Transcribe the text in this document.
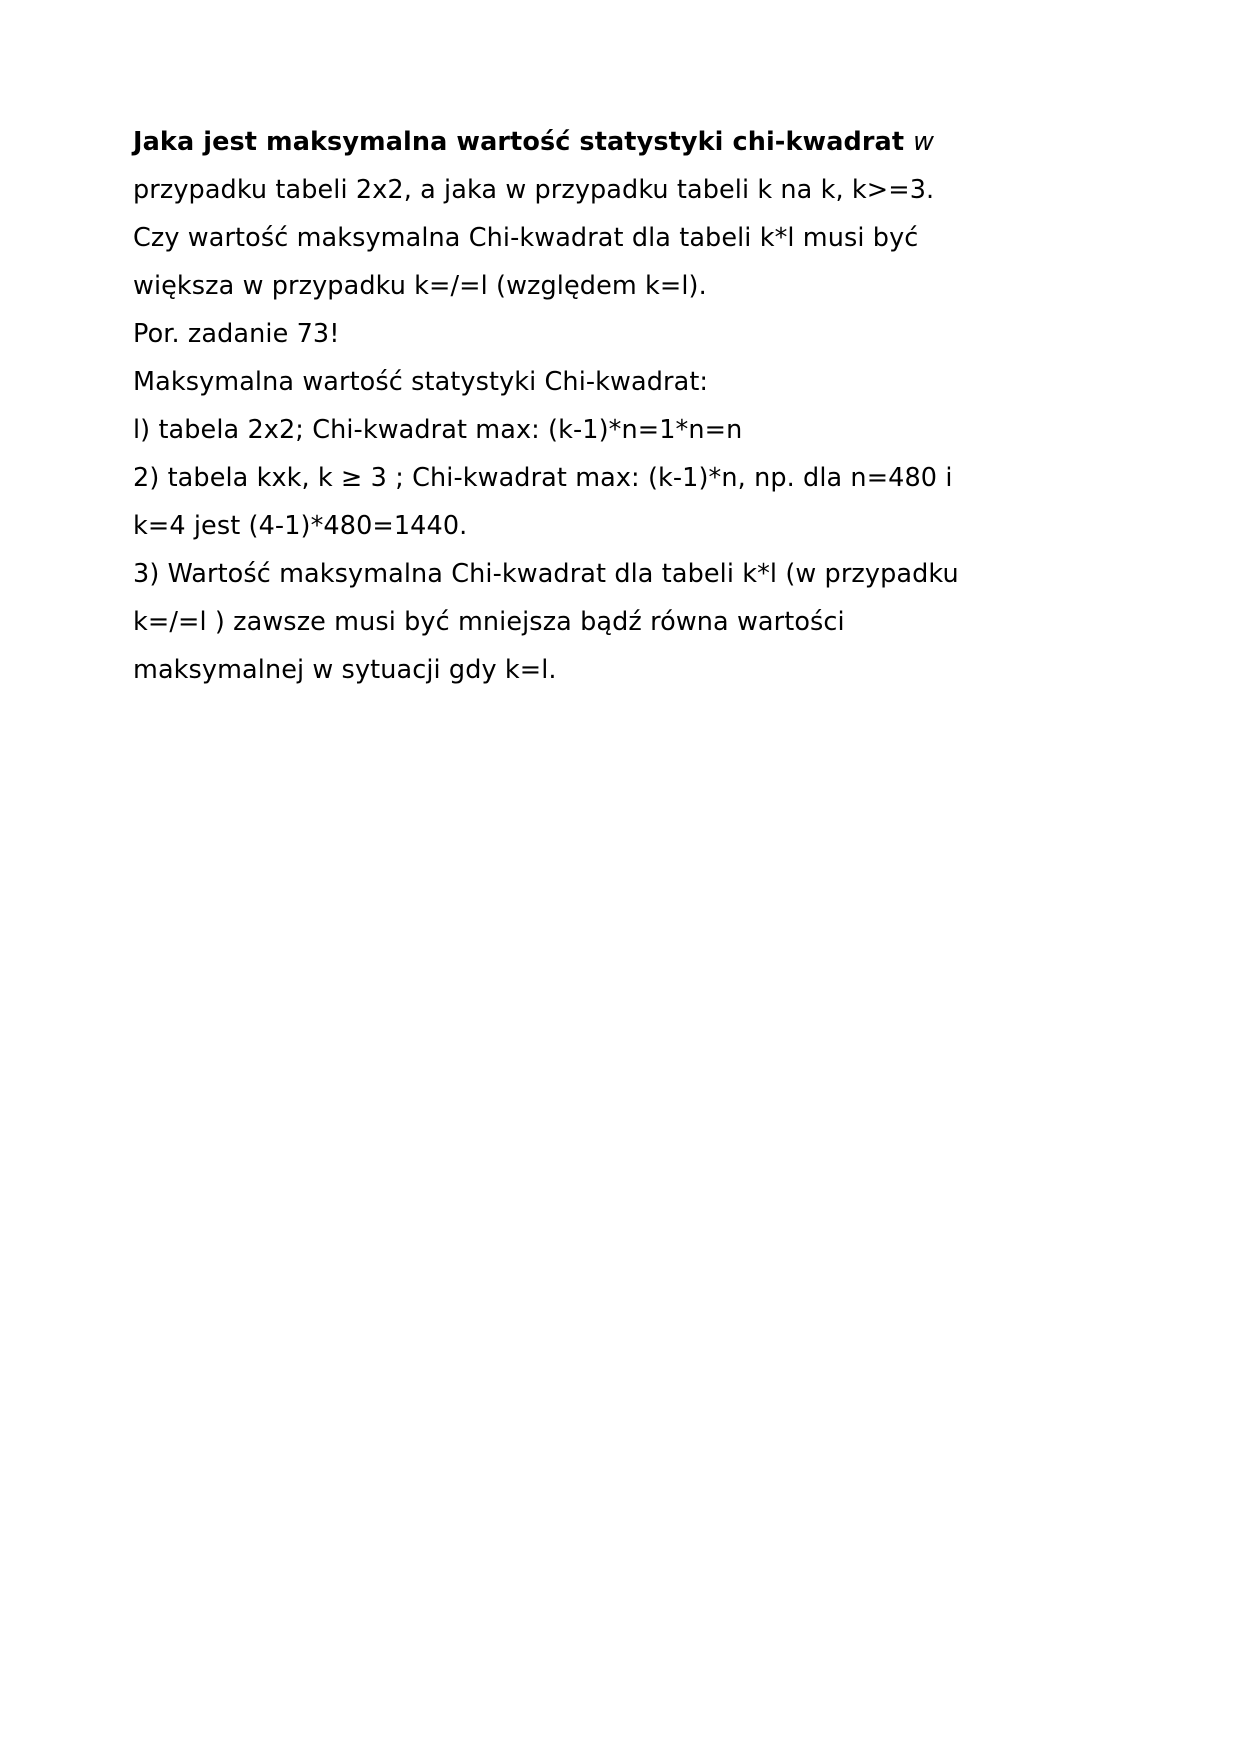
Jaka jest maksymalna wartość statystyki chi-kwadrat w
przypadku tabeli 2x2, a jaka w przypadku tabeli k na k, k>=3.
Czy wartość maksymalna Chi-kwadrat dla tabeli k*l musi być
większa w przypadku k=/=l (względem k=l).
Por. zadanie 73!
Maksymalna wartość statystyki Chi-kwadrat:
l) tabela 2x2; Chi-kwadrat max: (k-1)*n=1*n=n
2) tabela kxk, k ≥ 3 ; Chi-kwadrat max: (k-1)*n, np. dla n=480 i
k=4 jest (4-1)*480=1440.
3) Wartość maksymalna Chi-kwadrat dla tabeli k*l (w przypadku
k=/=l ) zawsze musi być mniejsza bądź równa wartości
maksymalnej w sytuacji gdy k=l.
